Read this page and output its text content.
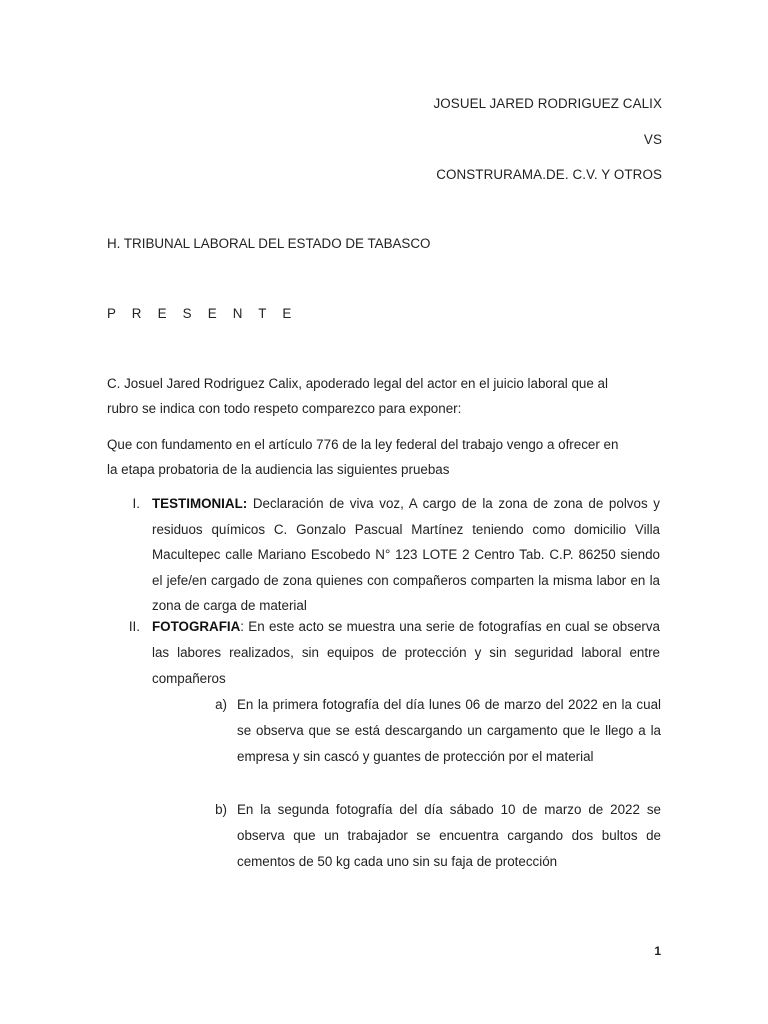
JOSUEL JARED RODRIGUEZ CALIX
VS
CONSTRURAMA.DE. C.V. Y OTROS
H. TRIBUNAL LABORAL DEL ESTADO DE TABASCO
P R E S E N T E
C. Josuel Jared Rodriguez Calix, apoderado legal del actor en el juicio laboral que al
rubro se indica con todo respeto comparezco para exponer:
Que con fundamento en el artículo 776 de la ley federal del trabajo vengo a ofrecer en
la etapa probatoria de la audiencia las siguientes pruebas
I. TESTIMONIAL: Declaración de viva voz, A cargo de la zona de zona de polvos y residuos químicos C. Gonzalo Pascual Martínez teniendo como domicilio Villa Macultepec calle Mariano Escobedo N° 123 LOTE 2 Centro Tab. C.P. 86250 siendo el jefe/en cargado de zona quienes con compañeros comparten la misma labor en la zona de carga de material
II. FOTOGRAFIA: En este acto se muestra una serie de fotografías en cual se observa las labores realizados, sin equipos de protección y sin seguridad laboral entre compañeros
a) En la primera fotografía del día lunes 06 de marzo del 2022 en la cual se observa que se está descargando un cargamento que le llego a la empresa y sin cascó y guantes de protección por el material
b) En la segunda fotografía del día sábado 10 de marzo de 2022 se observa que un trabajador se encuentra cargando dos bultos de cementos de 50 kg cada uno sin su faja de protección
1
